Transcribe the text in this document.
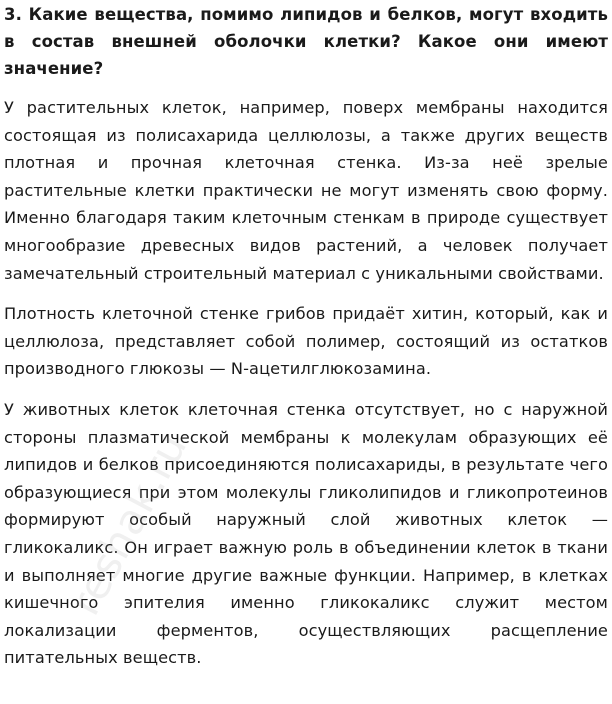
3. Какие вещества, помимо липидов и белков, могут входить в состав внешней оболочки клетки? Какое они имеют значение?

У растительных клеток, например, поверх мембраны находится состоящая из полисахарида целлюлозы, а также других веществ плотная и прочная клеточная стенка. Из-за неё зрелые растительные клетки практически не могут изменять свою форму. Именно благодаря таким клеточным стенкам в природе существует многообразие древесных видов растений, а человек получает замечательный строительный материал с уникальными свойствами.

Плотность клеточной стенке грибов придаёт хитин, который, как и целлюлоза, представляет собой полимер, состоящий из остатков производного глюкозы — N-ацетилглюкозамина.

У животных клеток клеточная стенка отсутствует, но с наружной стороны плазматической мембраны к молекулам образующих её липидов и белков присоединяются полисахариды, в результате чего образующиеся при этом молекулы гликолипидов и гликопротеинов формируют особый наружный слой животных клеток — гликокаликс. Он играет важную роль в объединении клеток в ткани и выполняет многие другие важные функции. Например, в клетках кишечного эпителия именно гликокаликс служит местом локализации ферментов, осуществляющих расщепление питательных веществ.

reshak.ru
